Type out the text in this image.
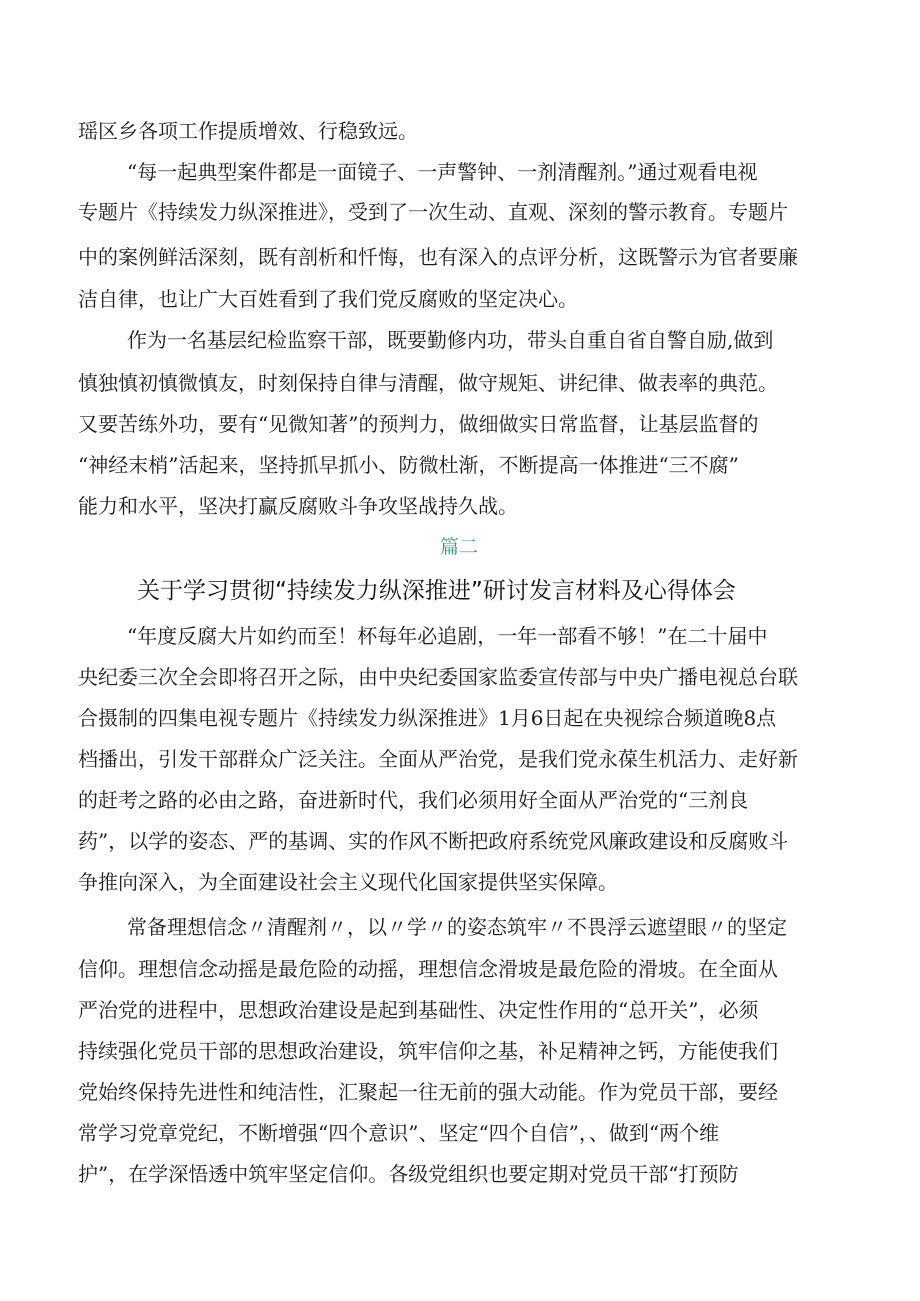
瑶区乡各项工作提质增效、行稳致远。
“每一起典型案件都是一面镜子、一声警钟、一剂清醒剂。”通过观看电视
专题片《持续发力纵深推进》，受到了一次生动、直观、深刻的警示教育。专题片
中的案例鲜活深刻，既有剖析和忏悔，也有深入的点评分析，这既警示为官者要廉
洁自律，也让广大百姓看到了我们党反腐败的坚定决心。
作为一名基层纪检监察干部，既要勤修内功，带头自重自省自警自励,做到
慎独慎初慎微慎友，时刻保持自律与清醒，做守规矩、讲纪律、做表率的典范。
又要苦练外功，要有“见微知著”的预判力，做细做实日常监督，让基层监督的
“神经末梢”活起来，坚持抓早抓小、防微杜渐，不断提高一体推进“三不腐”
能力和水平，坚决打赢反腐败斗争攻坚战持久战。
篇二
关于学习贯彻“持续发力纵深推进”研讨发言材料及心得体会
“年度反腐大片如约而至！杯每年必追剧，一年一部看不够！”在二十届中
央纪委三次全会即将召开之际，由中央纪委国家监委宣传部与中央广播电视总台联
合摄制的四集电视专题片《持续发力纵深推进》1月6日起在央视综合频道晚8点
档播出，引发干部群众广泛关注。全面从严治党，是我们党永葆生机活力、走好新
的赶考之路的必由之路，奋进新时代，我们必须用好全面从严治党的“三剂良
药”，以学的姿态、严的基调、实的作风不断把政府系统党风廉政建设和反腐败斗
争推向深入，为全面建设社会主义现代化国家提供坚实保障。
常备理想信念〃清醒剂〃，以〃学〃的姿态筑牢〃不畏浮云遮望眼〃的坚定
信仰。理想信念动摇是最危险的动摇，理想信念滑坡是最危险的滑坡。在全面从
严治党的进程中，思想政治建设是起到基础性、决定性作用的“总开关”，必须
持续强化党员干部的思想政治建设，筑牢信仰之基，补足精神之钙，方能使我们
党始终保持先进性和纯洁性，汇聚起一往无前的强大动能。作为党员干部，要经
常学习党章党纪，不断增强“四个意识”、坚定“四个自信”，、做到“两个维
护”，在学深悟透中筑牢坚定信仰。各级党组织也要定期对党员干部“打预防
